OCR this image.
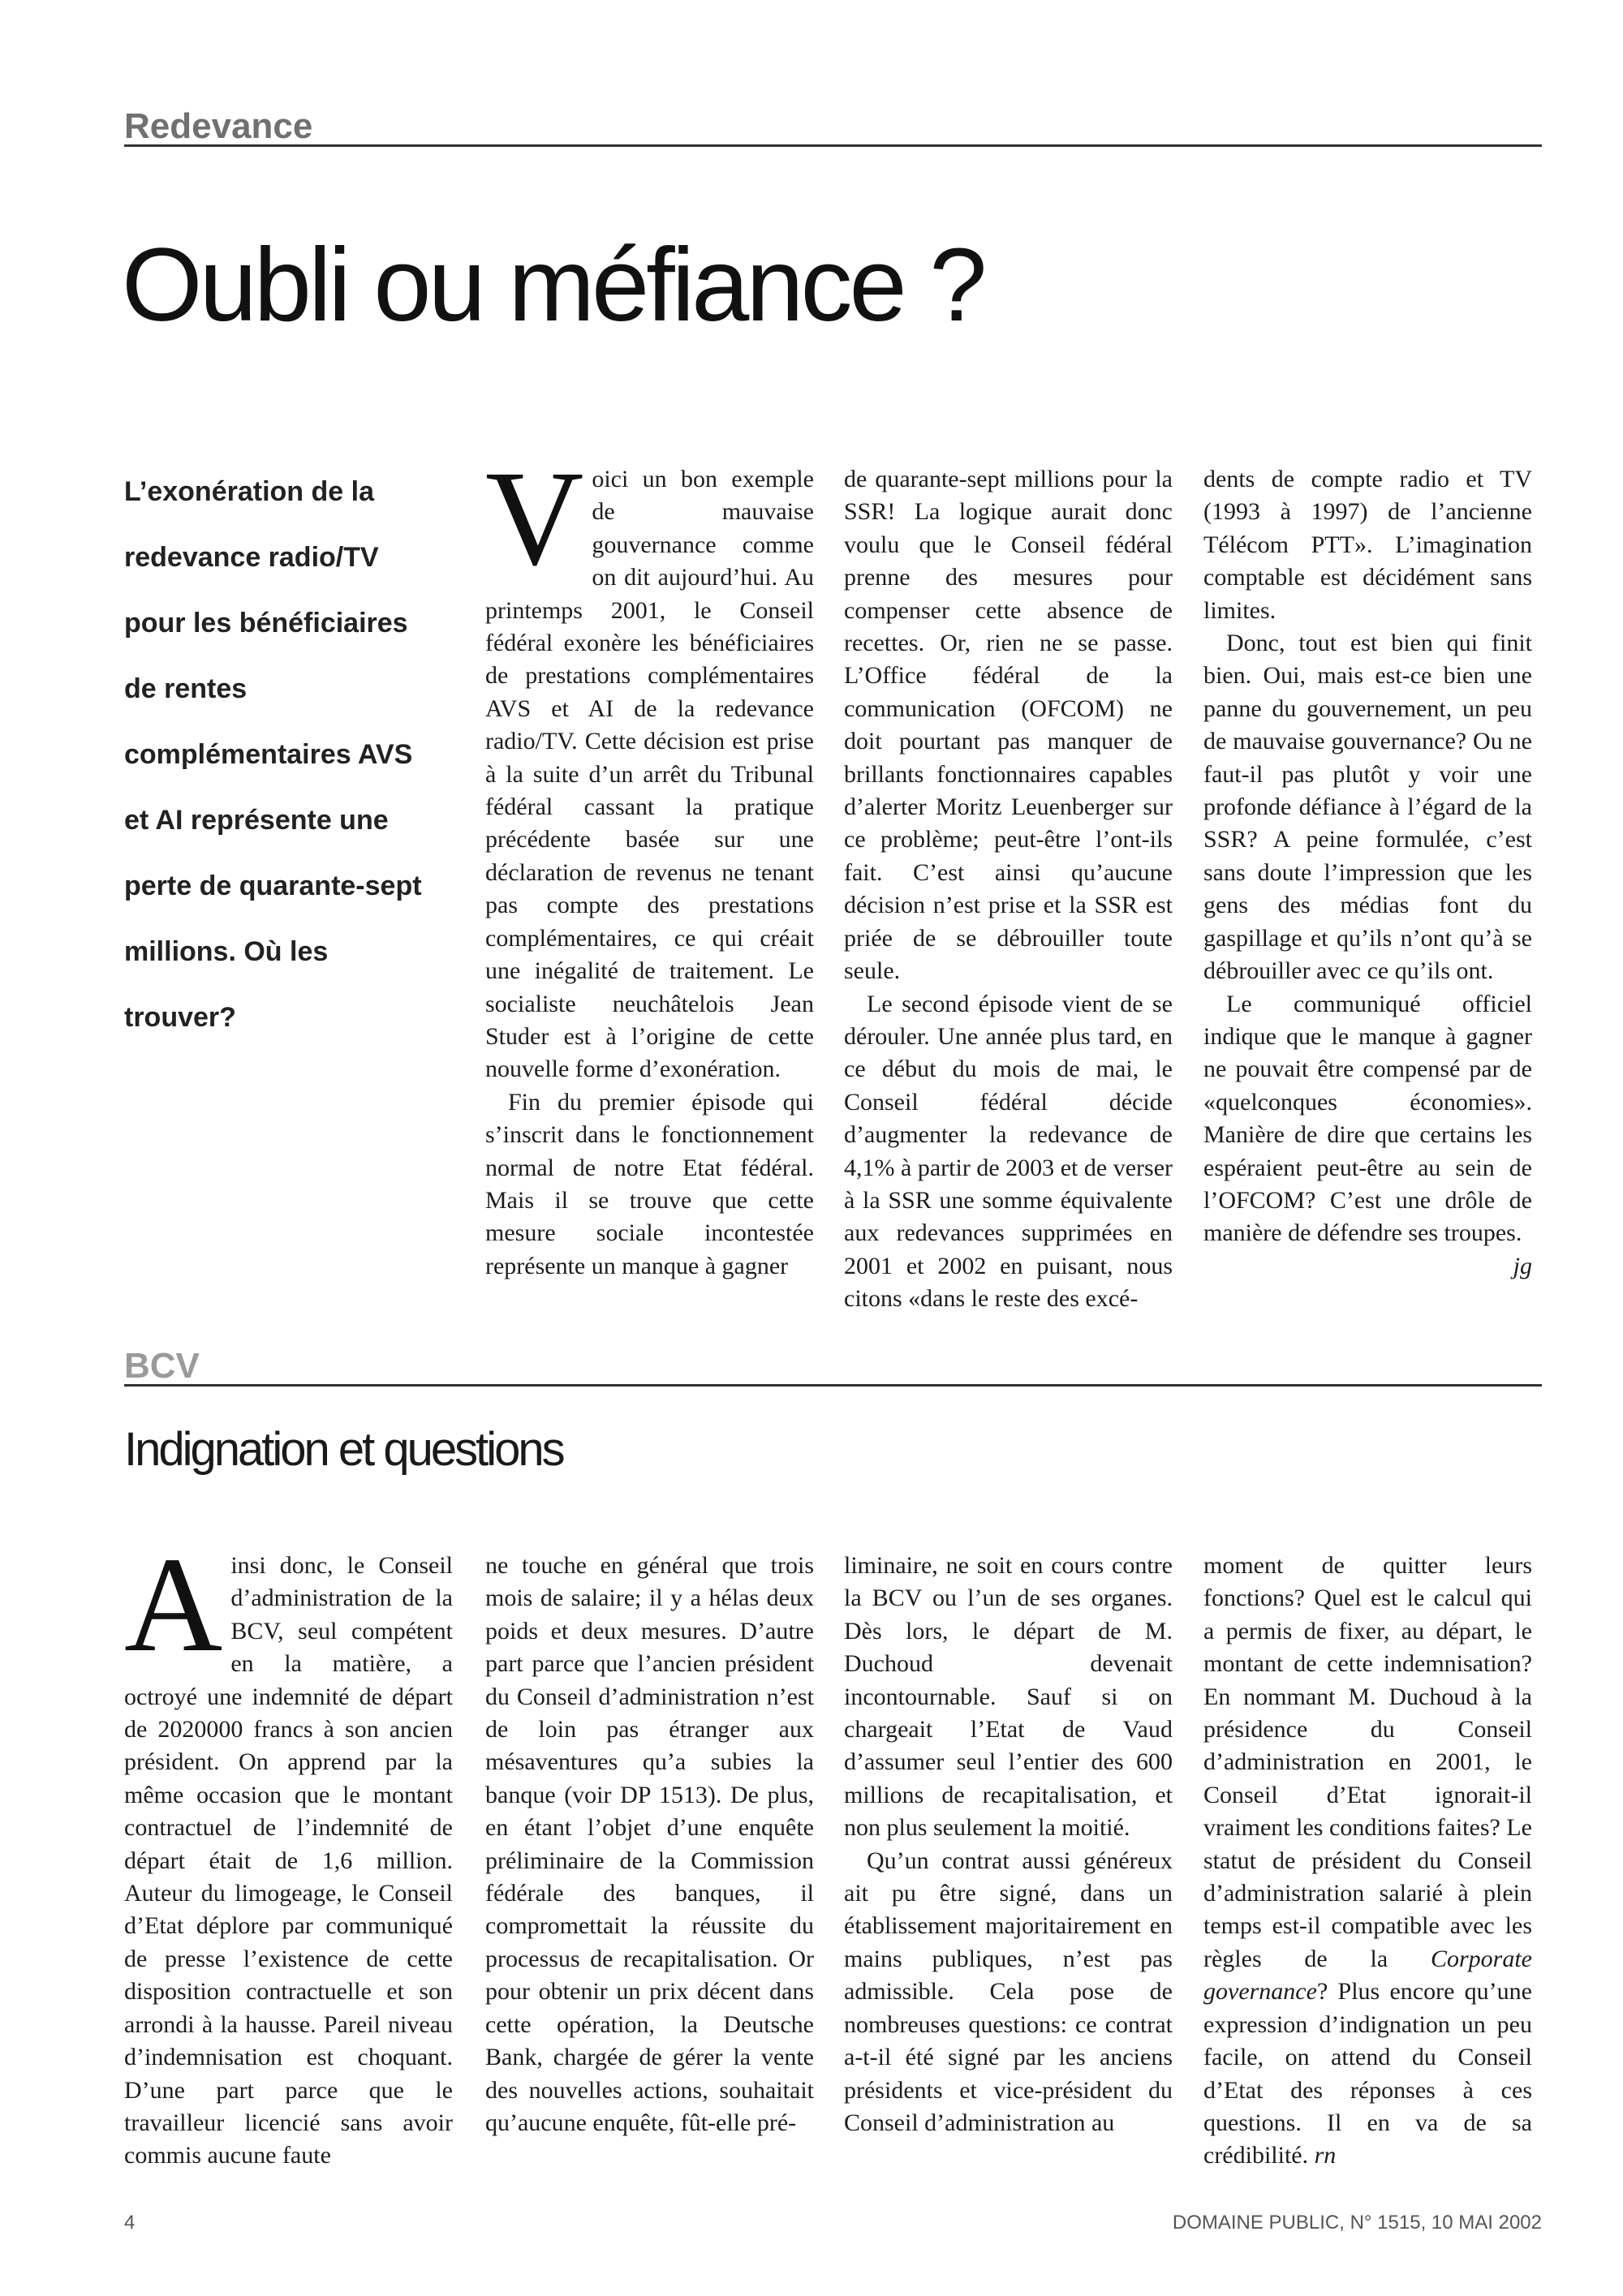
Redevance
Oubli ou méfiance ?

L’exonération de la redevance radio/TV pour les bénéficiaires de rentes complémentaires AVS et AI représente une perte de quarante-sept millions. Où les trouver?

Voici un bon exemple de mauvaise gouvernance comme on dit aujourd’hui. Au printemps 2001, le Conseil fédéral exonère les bénéficiaires de prestations complémentaires AVS et AI de la redevance radio/TV. Cette décision est prise à la suite d’un arrêt du Tribunal fédéral cassant la pratique précédente basée sur une déclaration de revenus ne tenant pas compte des prestations complémentaires, ce qui créait une inégalité de traitement. Le socialiste neuchâtelois Jean Studer est à l’origine de cette nouvelle forme d’exonération.

Fin du premier épisode qui s’inscrit dans le fonctionnement normal de notre Etat fédéral. Mais il se trouve que cette mesure sociale incontestée représente un manque à gagner

de quarante-sept millions pour la SSR! La logique aurait donc voulu que le Conseil fédéral prenne des mesures pour compenser cette absence de recettes. Or, rien ne se passe. L’Office fédéral de la communication (OFCOM) ne doit pourtant pas manquer de brillants fonctionnaires capables d’alerter Moritz Leuenberger sur ce problème; peut-être l’ont-ils fait. C’est ainsi qu’aucune décision n’est prise et la SSR est priée de se débrouiller toute seule.

Le second épisode vient de se dérouler. Une année plus tard, en ce début du mois de mai, le Conseil fédéral décide d’augmenter la redevance de 4,1% à partir de 2003 et de verser à la SSR une somme équivalente aux redevances supprimées en 2001 et 2002 en puisant, nous citons «dans le reste des excé-

dents de compte radio et TV (1993 à 1997) de l’ancienne Télécom PTT». L’imagination comptable est décidément sans limites.

Donc, tout est bien qui finit bien. Oui, mais est-ce bien une panne du gouvernement, un peu de mauvaise gouvernance? Ou ne faut-il pas plutôt y voir une profonde défiance à l’égard de la SSR? A peine formulée, c’est sans doute l’impression que les gens des médias font du gaspillage et qu’ils n’ont qu’à se débrouiller avec ce qu’ils ont.

Le communiqué officiel indique que le manque à gagner ne pouvait être compensé par de «quelconques économies». Manière de dire que certains les espéraient peut-être au sein de l’OFCOM? C’est une drôle de manière de défendre ses troupes.
jg

BCV
Indignation et questions

Ainsi donc, le Conseil d’administration de la BCV, seul compétent en la matière, a octroyé une indemnité de départ de 2020000 francs à son ancien président. On apprend par la même occasion que le montant contractuel de l’indemnité de départ était de 1,6 million. Auteur du limogeage, le Conseil d’Etat déplore par communiqué de presse l’existence de cette disposition contractuelle et son arrondi à la hausse. Pareil niveau d’indemnisation est choquant. D’une part parce que le travailleur licencié sans avoir commis aucune faute

ne touche en général que trois mois de salaire; il y a hélas deux poids et deux mesures. D’autre part parce que l’ancien président du Conseil d’administration n’est de loin pas étranger aux mésaventures qu’a subies la banque (voir DP 1513). De plus, en étant l’objet d’une enquête préliminaire de la Commission fédérale des banques, il compromettait la réussite du processus de recapitalisation. Or pour obtenir un prix décent dans cette opération, la Deutsche Bank, chargée de gérer la vente des nouvelles actions, souhaitait qu’aucune enquête, fût-elle pré-

liminaire, ne soit en cours contre la BCV ou l’un de ses organes. Dès lors, le départ de M. Duchoud devenait incontournable. Sauf si on chargeait l’Etat de Vaud d’assumer seul l’entier des 600 millions de recapitalisation, et non plus seulement la moitié.

Qu’un contrat aussi généreux ait pu être signé, dans un établissement majoritairement en mains publiques, n’est pas admissible. Cela pose de nombreuses questions: ce contrat a-t-il été signé par les anciens présidents et vice-président du Conseil d’administration au

moment de quitter leurs fonctions? Quel est le calcul qui a permis de fixer, au départ, le montant de cette indemnisation? En nommant M. Duchoud à la présidence du Conseil d’administration en 2001, le Conseil d’Etat ignorait-il vraiment les conditions faites? Le statut de président du Conseil d’administration salarié à plein temps est-il compatible avec les règles de la Corporate governance? Plus encore qu’une expression d’indignation un peu facile, on attend du Conseil d’Etat des réponses à ces questions. Il en va de sa crédibilité. rn

4	DOMAINE PUBLIC, N° 1515, 10 MAI 2002
